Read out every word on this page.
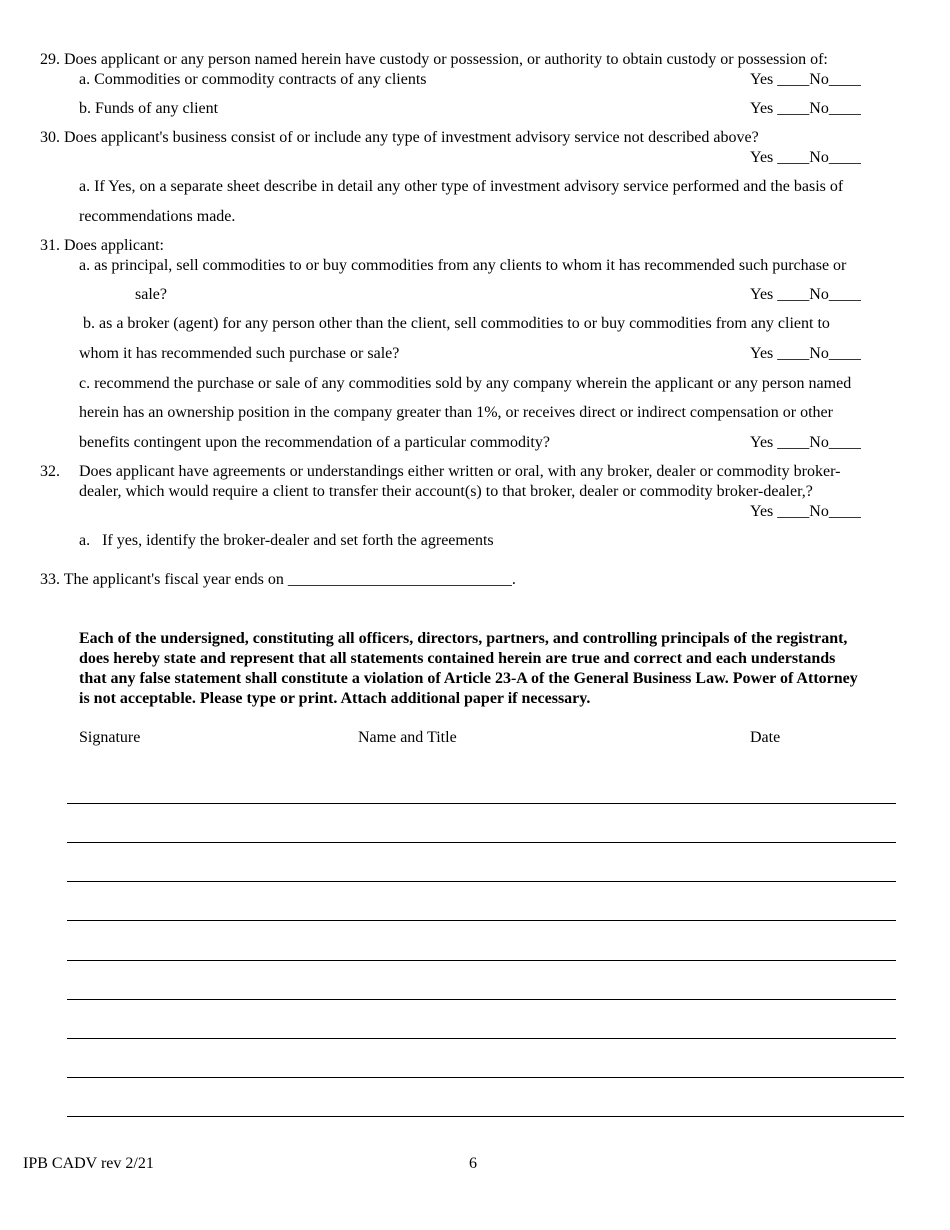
29. Does applicant or any person named herein have custody or possession, or authority to obtain custody or possession of:
a. Commodities or commodity contracts of any clients	Yes ____No____
b. Funds of any client	Yes ____No____
30. Does applicant's business consist of or include any type of investment advisory service not described above?
Yes ____No____
a. If Yes, on a separate sheet describe in detail any other type of investment advisory service performed and the basis of
recommendations made.
31. Does applicant:
a. as principal, sell commodities to or buy commodities from any clients to whom it has recommended such purchase or
sale?	Yes ____No____
b. as a broker (agent) for any person other than the client, sell commodities to or buy commodities from any client to
whom it has recommended such purchase or sale?	Yes ____No____
c. recommend the purchase or sale of any commodities sold by any company wherein the applicant or any person named
herein has an ownership position in the company greater than 1%, or receives direct or indirect compensation or other
benefits contingent upon the recommendation of a particular commodity?	Yes ____No____
32. Does applicant have agreements or understandings either written or oral, with any broker, dealer or commodity broker-
dealer, which would require a client to transfer their account(s) to that broker, dealer or commodity broker-dealer,?
Yes ____No____
a.   If yes, identify the broker-dealer and set forth the agreements
33. The applicant's fiscal year ends on ____________________________.
Each of the undersigned, constituting all officers, directors, partners, and controlling principals of the registrant,
does hereby state and represent that all statements contained herein are true and correct and each understands
that any false statement shall constitute a violation of Article 23-A of the General Business Law. Power of Attorney
is not acceptable. Please type or print. Attach additional paper if necessary.
Signature	Name and Title	Date
IPB CADV rev 2/21	6
